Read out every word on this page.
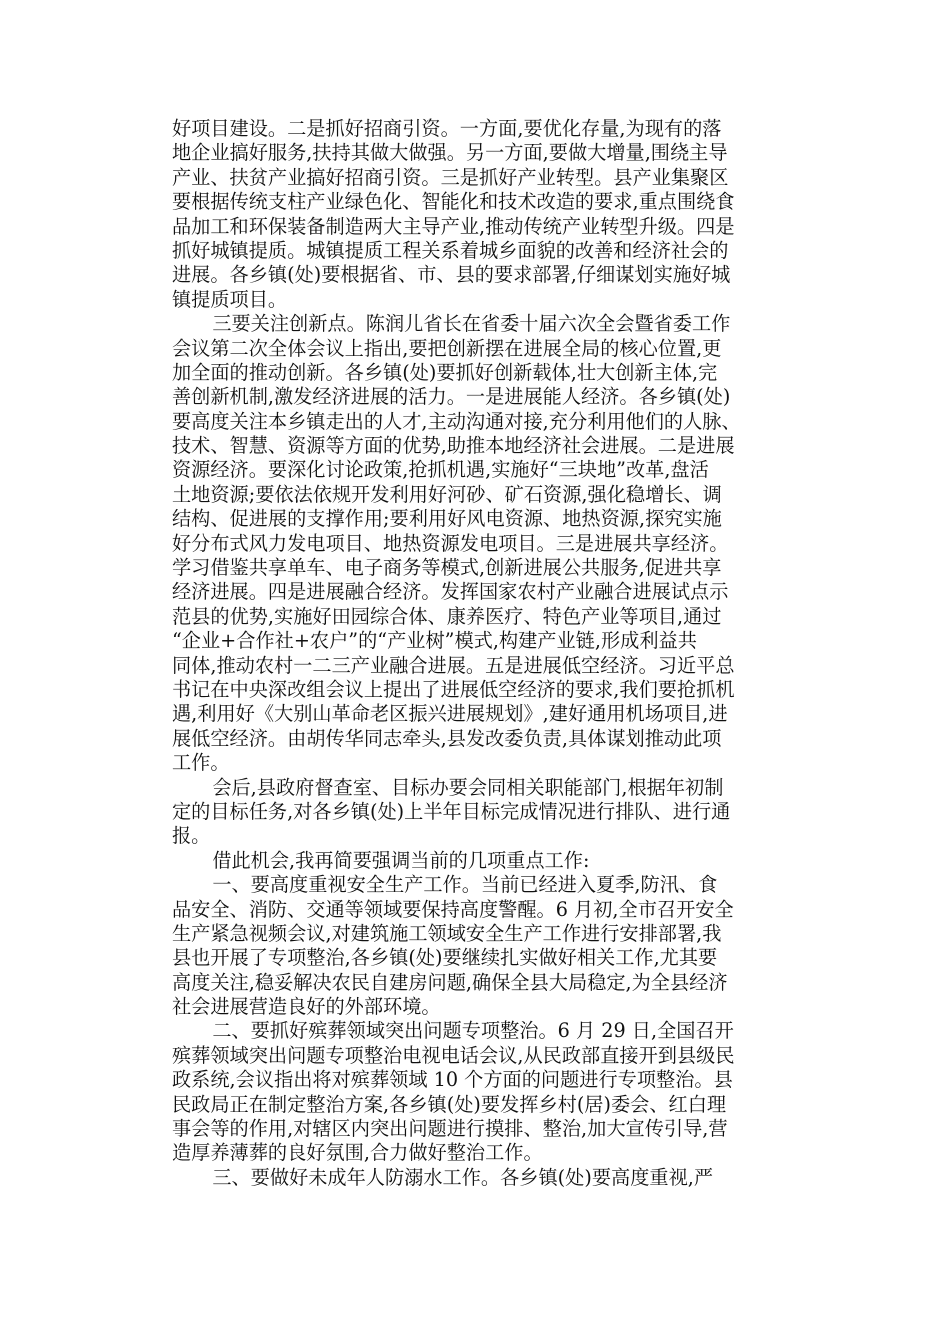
好项目建设。二是抓好招商引资。一方面,要优化存量,为现有的落
地企业搞好服务,扶持其做大做强。另一方面,要做大增量,围绕主导
产业、扶贫产业搞好招商引资。三是抓好产业转型。县产业集聚区
要根据传统支柱产业绿色化、智能化和技术改造的要求,重点围绕食
品加工和环保装备制造两大主导产业,推动传统产业转型升级。四是
抓好城镇提质。城镇提质工程关系着城乡面貌的改善和经济社会的
进展。各乡镇(处)要根据省、市、县的要求部署,仔细谋划实施好城
镇提质项目。
三要关注创新点。陈润儿省长在省委十届六次全会暨省委工作
会议第二次全体会议上指出,要把创新摆在进展全局的核心位置,更
加全面的推动创新。各乡镇(处)要抓好创新载体,壮大创新主体,完
善创新机制,激发经济进展的活力。一是进展能人经济。各乡镇(处)
要高度关注本乡镇走出的人才,主动沟通对接,充分利用他们的人脉、
技术、智慧、资源等方面的优势,助推本地经济社会进展。二是进展
资源经济。要深化讨论政策,抢抓机遇,实施好“三块地”改革,盘活
土地资源;要依法依规开发利用好河砂、矿石资源,强化稳增长、调
结构、促进展的支撑作用;要利用好风电资源、地热资源,探究实施
好分布式风力发电项目、地热资源发电项目。三是进展共享经济。
学习借鉴共享单车、电子商务等模式,创新进展公共服务,促进共享
经济进展。四是进展融合经济。发挥国家农村产业融合进展试点示
范县的优势,实施好田园综合体、康养医疗、特色产业等项目,通过
“企业+合作社+农户”的“产业树”模式,构建产业链,形成利益共
同体,推动农村一二三产业融合进展。五是进展低空经济。习近平总
书记在中央深改组会议上提出了进展低空经济的要求,我们要抢抓机
遇,利用好《大别山革命老区振兴进展规划》,建好通用机场项目,进
展低空经济。由胡传华同志牵头,县发改委负责,具体谋划推动此项
工作。
会后,县政府督查室、目标办要会同相关职能部门,根据年初制
定的目标任务,对各乡镇(处)上半年目标完成情况进行排队、进行通
报。
借此机会,我再简要强调当前的几项重点工作:
一、要高度重视安全生产工作。当前已经进入夏季,防汛、食
品安全、消防、交通等领域要保持高度警醒。6 月初,全市召开安全
生产紧急视频会议,对建筑施工领域安全生产工作进行安排部署,我
县也开展了专项整治,各乡镇(处)要继续扎实做好相关工作,尤其要
高度关注,稳妥解决农民自建房问题,确保全县大局稳定,为全县经济
社会进展营造良好的外部环境。
二、要抓好殡葬领域突出问题专项整治。6 月 29 日,全国召开
殡葬领域突出问题专项整治电视电话会议,从民政部直接开到县级民
政系统,会议指出将对殡葬领域 10 个方面的问题进行专项整治。县
民政局正在制定整治方案,各乡镇(处)要发挥乡村(居)委会、红白理
事会等的作用,对辖区内突出问题进行摸排、整治,加大宣传引导,营
造厚养薄葬的良好氛围,合力做好整治工作。
三、要做好未成年人防溺水工作。各乡镇(处)要高度重视,严
